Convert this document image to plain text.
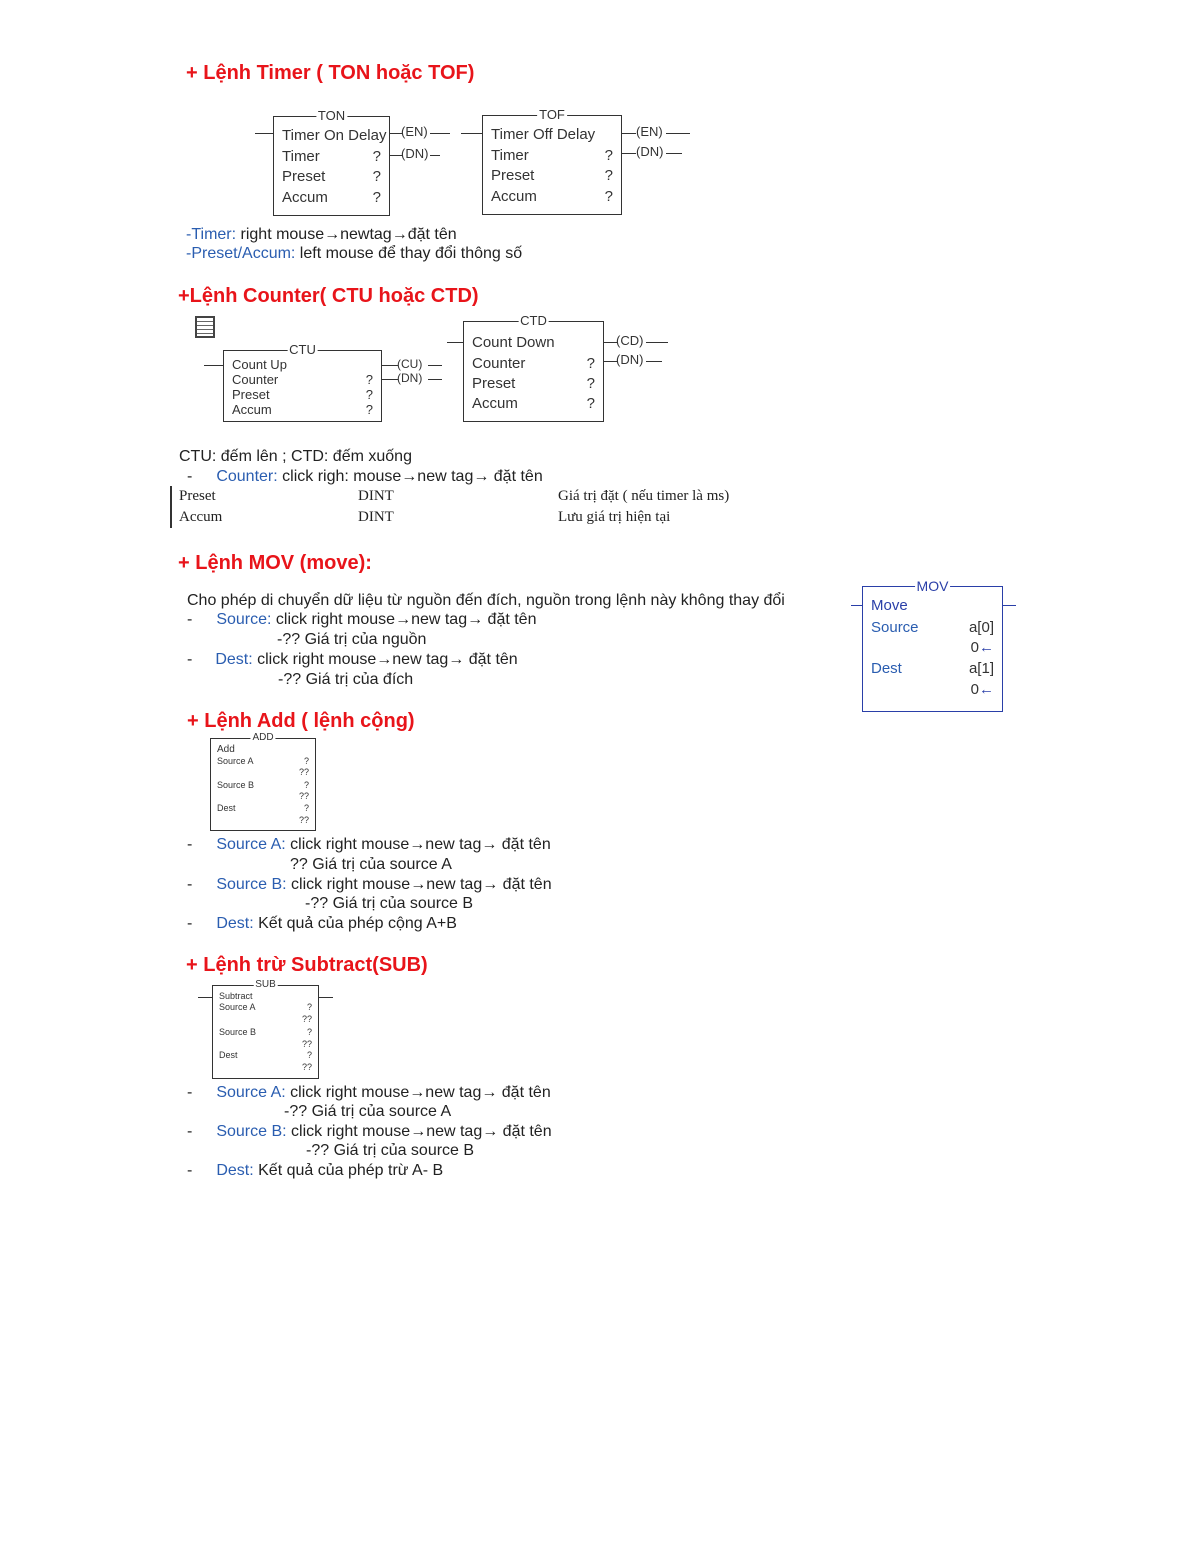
+ Lệnh Timer ( TON hoặc TOF)
TON
Timer On Delay
Timer	?
Preset	?
Accum	?
(EN)
(DN)
TOF
Timer Off Delay
Timer	?
Preset	?
Accum	?
(EN)
(DN)
-Timer: right mouse→newtag→đặt tên
-Preset/Accum: left mouse để thay đổi thông số
+Lệnh Counter( CTU hoặc CTD)
CTU
Count Up
Counter	?
Preset	?
Accum	?
(CU)
(DN)
CTD
Count Down
Counter	?
Preset	?
Accum	?
(CD)
(DN)
CTU: đếm lên ; CTD: đếm xuống
- Counter: click righ: mouse→new tag→ đặt tên
Preset	DINT	Giá trị đặt ( nếu timer là ms)
Accum	DINT	Lưu giá trị hiện tại
+ Lệnh MOV (move):
Cho phép di chuyển dữ liệu từ nguồn đến đích, nguồn trong lệnh này không thay đổi
- Source: click right mouse→new tag→ đặt tên
-?? Giá trị của nguồn
- Dest: click right mouse→new tag→ đặt tên
-?? Giá trị của đích
MOV
Move
Source	a[0]
0 ←
Dest	a[1]
0 ←
+ Lệnh Add ( lệnh cộng)
ADD
Add
Source A	?
??
Source B	?
??
Dest	?
??
- Source A: click right mouse→new tag→ đặt tên
?? Giá trị của source A
- Source B: click right mouse→new tag→ đặt tên
-?? Giá trị của source B
- Dest: Kết quả của phép cộng A+B
+ Lệnh trừ Subtract(SUB)
SUB
Subtract
Source A	?
??
Source B	?
??
Dest	?
??
- Source A: click right mouse→new tag→ đặt tên
-?? Giá trị của source A
- Source B: click right mouse→new tag→ đặt tên
-?? Giá trị của source B
- Dest: Kết quả của phép trừ A- B
